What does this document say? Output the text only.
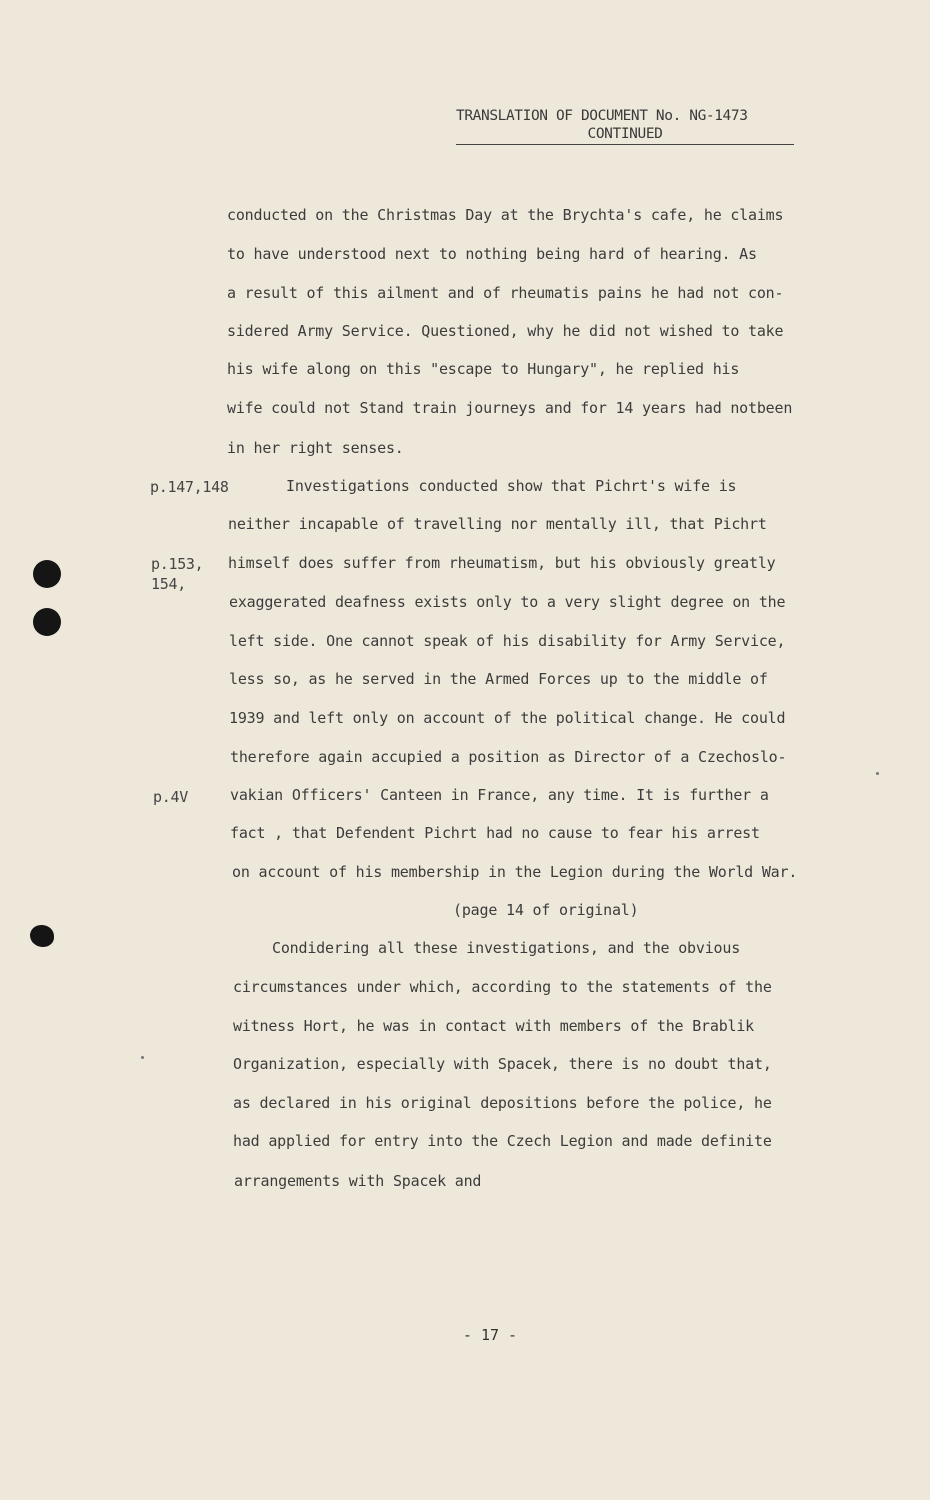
TRANSLATION OF DOCUMENT No. NG-1473
CONTINUED
conducted on the Christmas Day at the Brychta's cafe, he claims
to have understood next to nothing being hard of hearing. As
a result of this ailment and of rheumatis pains he had not con-
sidered Army Service. Questioned, why he did not wished to take
his wife along on this "escape to Hungary", he replied his
wife could not Stand train journeys and for 14 years had notbeen
in her right senses.
Investigations conducted show that Pichrt's wife is
neither incapable of travelling nor mentally ill, that Pichrt
himself does suffer from rheumatism, but his obviously greatly
exaggerated deafness exists only to a very slight degree on the
left side. One cannot speak of his disability for Army Service,
less so, as he served in the Armed Forces up to the middle of
1939 and left only on account of the political change. He could
therefore again accupied a position as Director of a Czechoslo-
vakian Officers' Canteen in France, any time. It is further a
fact , that Defendent Pichrt had no cause to fear his arrest
on account of his membership in the Legion during the World War.
(page 14 of original)
Condidering all these investigations, and the obvious
circumstances under which, according to the statements of the
witness Hort, he was in contact with members of the Brablik
Organization, especially with Spacek, there is no doubt that,
as declared in his original depositions before the police, he
had applied for entry into the Czech Legion and made definite
arrangements with Spacek and
p.147,148
p.153,
154,
p.4V
- 17 -
